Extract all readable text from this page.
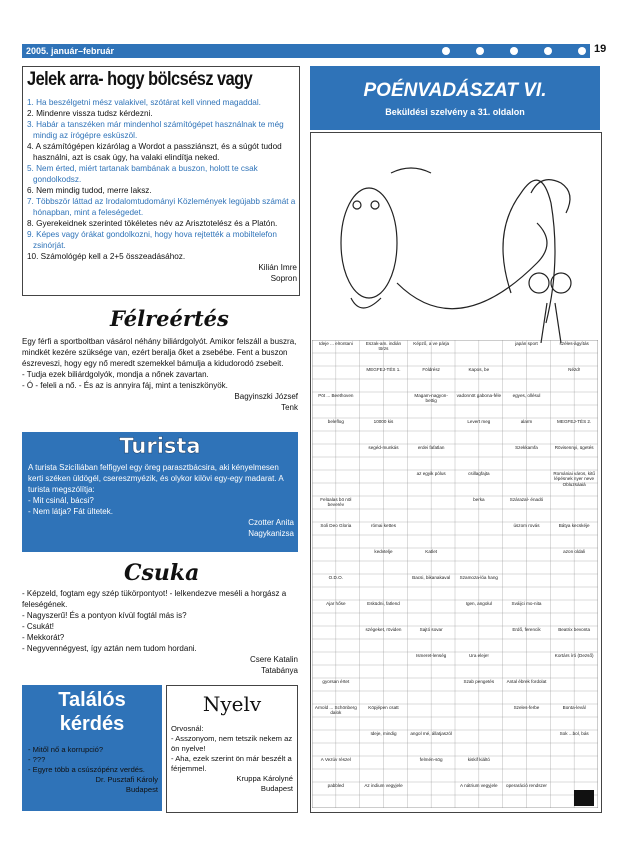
2005. január–február	19
Jelek arra- hogy bölcsész vagy
1. Ha beszélgetni mész valakivel, szótárat kell vinned magaddal.
2. Mindenre vissza tudsz kérdezni.
3. Habár a tanszéken már mindenhol számítógépet használnak te még mindig az írógépre esküszöl.
4. A számítógépen kizárólag a Wordot a passziánszt, és a súgót tudod használni, azt is csak úgy, ha valaki elindítja neked.
5. Nem érted, miért tartanak bambának a buszon, holott te csak gondolkodsz.
6. Nem mindig tudod, merre laksz.
7. Többször láttad az Irodalomtudományi Közlemények legújabb számát a hónapban, mint a feleségedet.
8. Gyerekeidnek szerinted tökéletes név az Arisztotelész és a Platón.
9. Képes vagy órákat gondolkozni, hogy hova rejtették a mobiltelefon zsinórját.
10. Számológép kell a 2+5 összeadásához.
Kilián Imre
Sopron
Félreértés
Egy férfi a sportboltban vásárol néhány biliárdgolyót. Amikor felszáll a buszra, mindkét kezére szüksége van, ezért beralja őket a zsebébe. Fent a buszon észreveszi, hogy egy nő meredt szemekkel bámulja a kidudorodó zsebeit.
- Tudja ezek biliárdgolyók, mondja a nőnek zavartan.
- Ó - feleli a nő. - És az is annyira fáj, mint a teniszkönyök.
Bagyinszki József
Tenk
Turista
A turista Szicíliában felfigyel egy öreg parasztbácsira, aki kényelmesen kerti széken üldögél, csereszmyézik, és olykor kilövi egy-egy madarat. A turista megszólítja:
- Mit csinál, bácsi?
- Nem látja? Fát ültetek.
Czotter Anita
Nagykanizsa
Csuka
- Képzeld, fogtam egy szép tükörpontyot! - lelkendezve meséli a horgász a feleségének.
- Nagyszerű! És a pontyon kívül fogtál más is?
- Csukát!
- Mekkorát?
- Negyvennégyest, így aztán nem tudom hordani.
Csere Katalin
Tatabánya
Találós
kérdés
- Mitől nő a korrupció?
- ???
- Egyre több a csúszópénz verdés.
Dr. Pusztafi Károly
Budapest
Nyelv
Orvosnál:
- Asszonyom, nem tetszik nekem az ön nyelve!
- Aha, ezek szerint ön már beszélt a férjemmel.
Kruppa Károlyné
Budapest
POÉNVADÁSZAT VI.
Beküldési szelvény a 31. oldalon
Ideje ... elrontani
MEGFEJ-TÉS 1.
Magam-nagyon- bettig
Levert meg
Szekkamfa
Romániai város, kitű lépésnek nyer neve Obluzsáaiá
Soli Deo Gloria
kedvtelje
Bacsi, bikanakaval
Igen, angolul
Erdő, ferencik
Kortárs író (Dezső)
Arnold ... Schönberg dalok
Ideje, mindig
felmén-sög
A nátrium vegyjele
japán sport
Nézd!
beleflog
segéd-munkás
az egyik pólus
berka
úszom rovás
azon oldali
Ajar hőse
szégeket, röviden
Ismeret-lenség
Szab pengetés
Szeles-ferbe
Sok ...bol, bás
pabbled
Eszak-am. indián törzs
Földrész
vadonnöt gabona-féle
alarm
Rövisennyi, ügetés
Felüalas bö nöl beverév
római kettes
Katlet
Szamoza-lóa hang
Sváijci mo-nita
Beatrix bevonta
gyorsan értet
Köpjépen csatt
angol mé, állatjaszól
kiskif kiáltó
operaráció rendszer
széles-ágyítás
Pöt ... Beethoven
10000 kis
erdei fafatlan
csillagfajta
Szárazal- énadó
Bátya kecskéje
O.D.O.
Esküdni, fatlend
Sajtó sovar
Ura eleje!
Antal ébrek fordolat
Bonta-levál
A Vezúv részel
Az indium vegyjele
Képző, a ve párja
Kapos, be
egyes, ollésul
MEGFEJ-TÉS 2.
